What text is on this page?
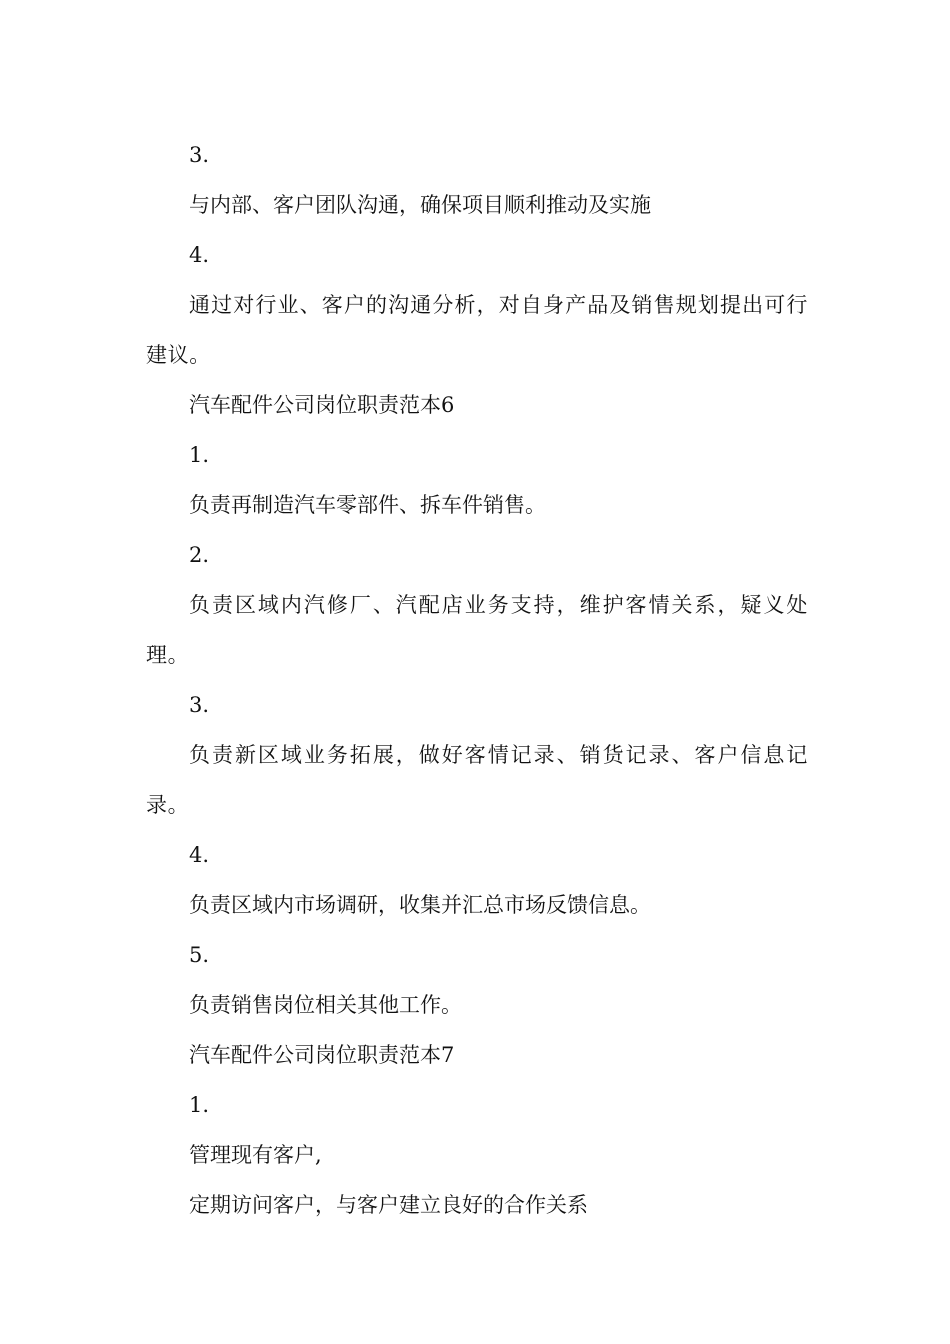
3.

与内部、客户团队沟通，确保项目顺利推动及实施

4.

通过对行业、客户的沟通分析，对自身产品及销售规划提出可行建议。

汽车配件公司岗位职责范本6

1.

负责再制造汽车零部件、拆车件销售。

2.

负责区域内汽修厂、汽配店业务支持，维护客情关系，疑义处理。

3.

负责新区域业务拓展，做好客情记录、销货记录、客户信息记录。

4.

负责区域内市场调研，收集并汇总市场反馈信息。

5.

负责销售岗位相关其他工作。

汽车配件公司岗位职责范本7

1.

管理现有客户,

定期访问客户，与客户建立良好的合作关系
